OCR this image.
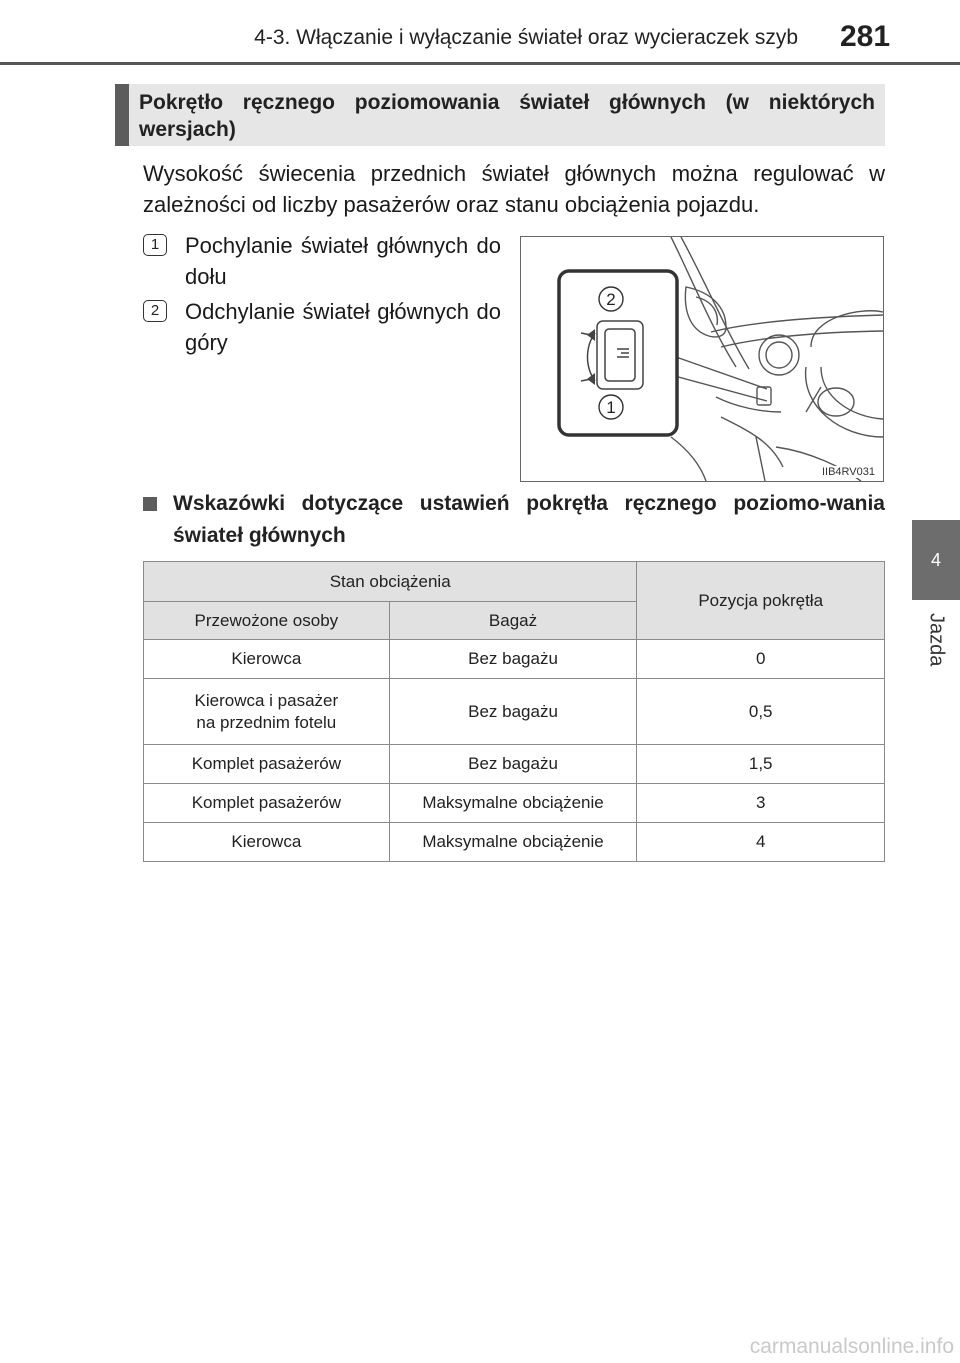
4-3. Włączanie i wyłączanie świateł oraz wycieraczek szyb 281
4
Jazda
Pokrętło ręcznego poziomowania świateł głównych (w niektórych wersjach)
Wysokość świecenia przednich świateł głównych można regulować w zależności od liczby pasażerów oraz stanu obciążenia pojazdu.
1	Pochylanie świateł głównych do dołu
2	Odchylanie świateł głównych do góry
2
1
IIB4RV031
Wskazówki dotyczące ustawień pokrętła ręcznego poziomo-wania świateł głównych
Stan obciążenia		Pozycja pokrętła
Przewożone osoby	Bagaż	
Kierowca	Bez bagażu	0

Kierowca i pasażer
na przednim fotelu	Bez bagażu	0,5
Komplet pasażerów	Bez bagażu	1,5
Komplet pasażerów	Maksymalne obciążenie	3
Kierowca	Maksymalne obciążenie	4
carmanualsonline.info
